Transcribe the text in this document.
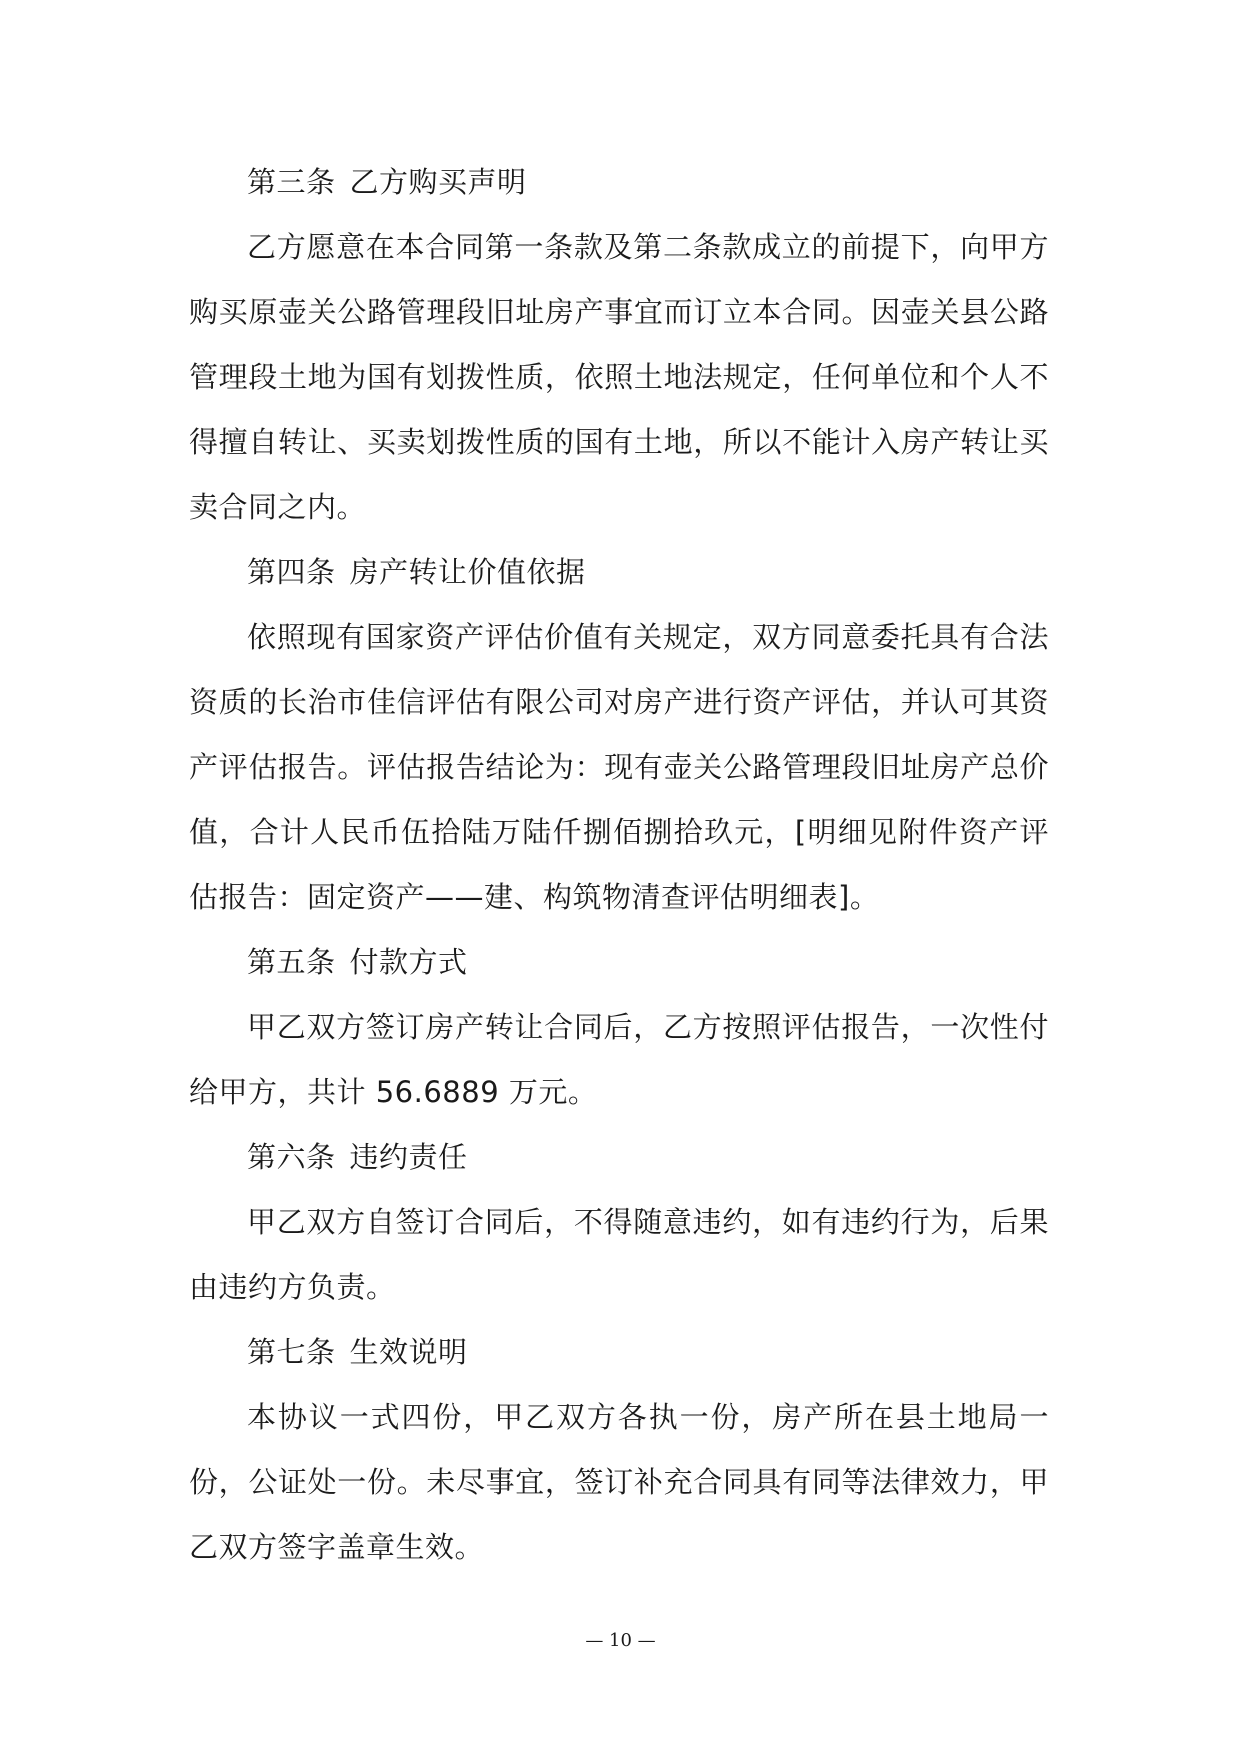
第三条 乙方购买声明

乙方愿意在本合同第一条款及第二条款成立的前提下，向甲方购买原壶关公路管理段旧址房产事宜而订立本合同。因壶关县公路管理段土地为国有划拨性质，依照土地法规定，任何单位和个人不得擅自转让、买卖划拨性质的国有土地，所以不能计入房产转让买卖合同之内。

第四条 房产转让价值依据

依照现有国家资产评估价值有关规定，双方同意委托具有合法资质的长治市佳信评估有限公司对房产进行资产评估，并认可其资产评估报告。评估报告结论为：现有壶关公路管理段旧址房产总价值，合计人民币伍拾陆万陆仟捌佰捌拾玖元，[明细见附件资产评估报告：固定资产——建、构筑物清查评估明细表]。

第五条 付款方式

甲乙双方签订房产转让合同后，乙方按照评估报告，一次性付给甲方，共计 56.6889 万元。

第六条 违约责任

甲乙双方自签订合同后，不得随意违约，如有违约行为，后果由违约方负责。

第七条 生效说明

本协议一式四份，甲乙双方各执一份，房产所在县土地局一份，公证处一份。未尽事宜，签订补充合同具有同等法律效力，甲乙双方签字盖章生效。

— 10 —
